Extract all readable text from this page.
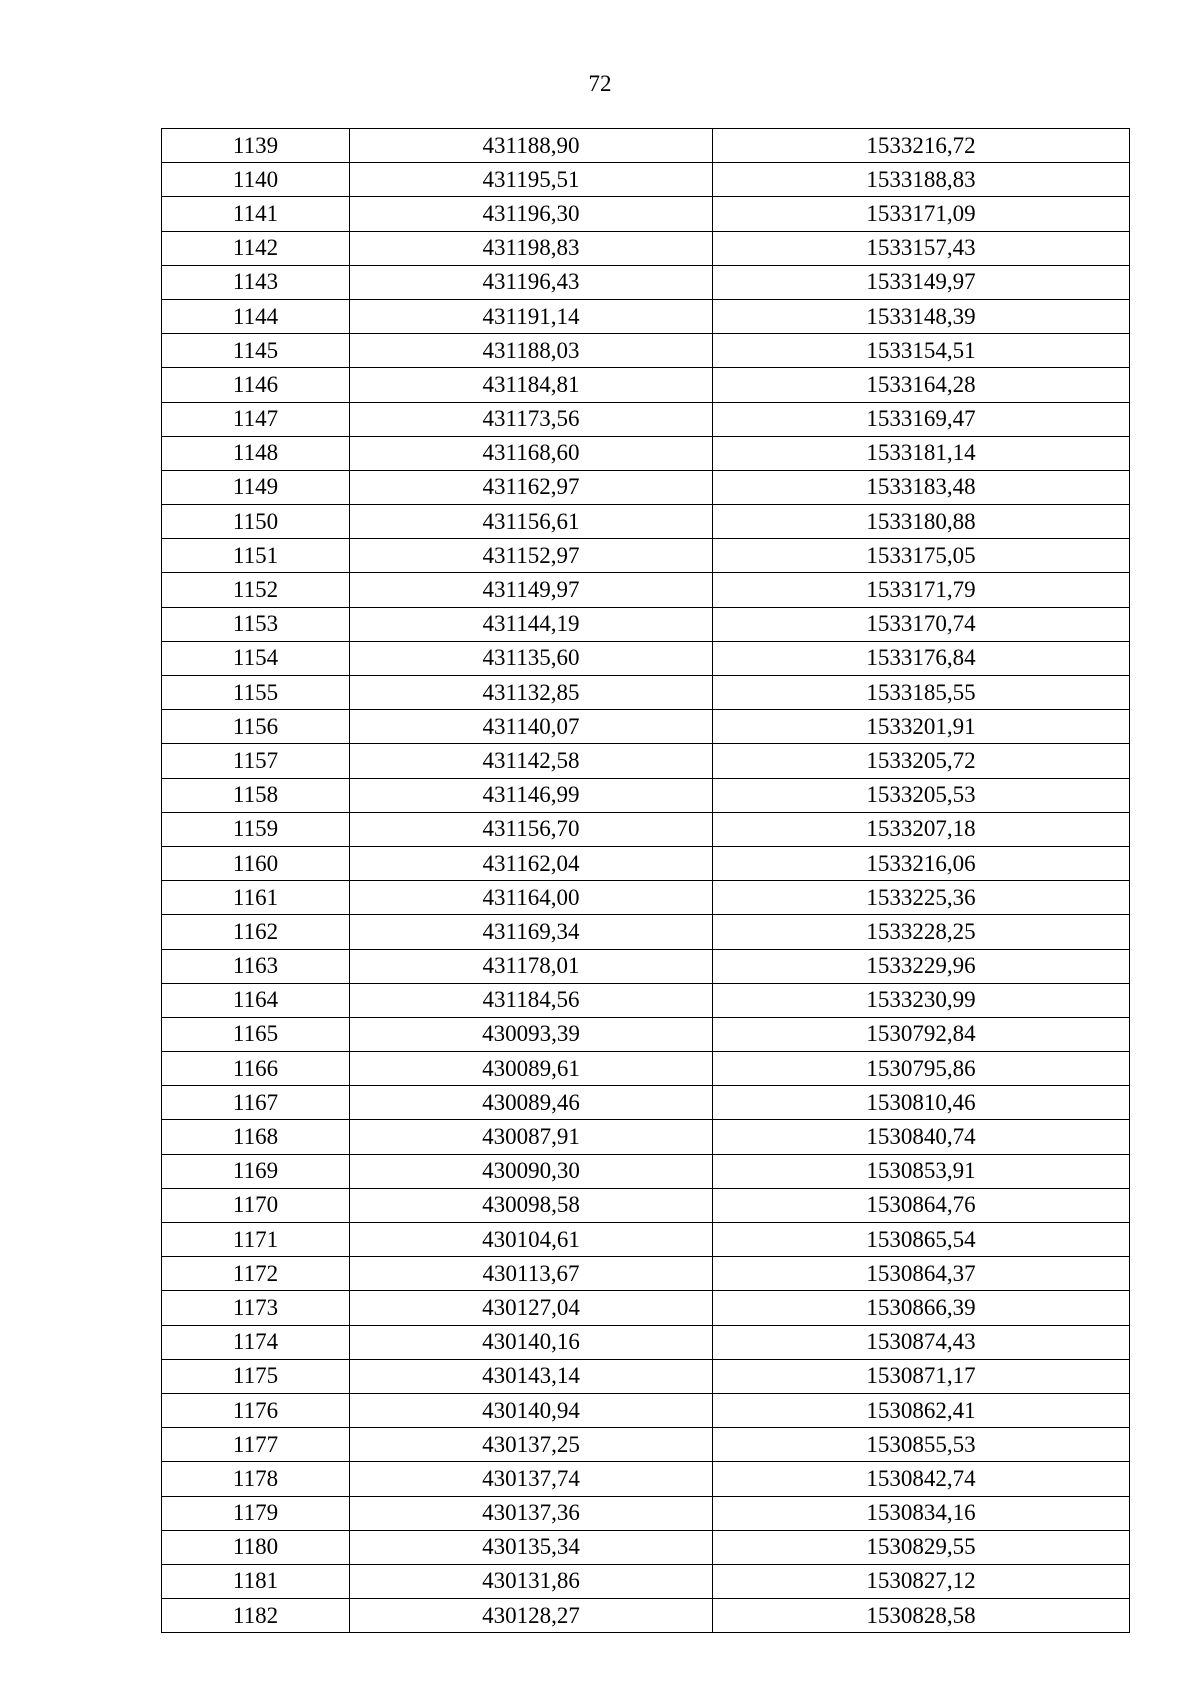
72
1139	431188,90	1533216,72
1140	431195,51	1533188,83
1141	431196,30	1533171,09
1142	431198,83	1533157,43
1143	431196,43	1533149,97
1144	431191,14	1533148,39
1145	431188,03	1533154,51
1146	431184,81	1533164,28
1147	431173,56	1533169,47
1148	431168,60	1533181,14
1149	431162,97	1533183,48
1150	431156,61	1533180,88
1151	431152,97	1533175,05
1152	431149,97	1533171,79
1153	431144,19	1533170,74
1154	431135,60	1533176,84
1155	431132,85	1533185,55
1156	431140,07	1533201,91
1157	431142,58	1533205,72
1158	431146,99	1533205,53
1159	431156,70	1533207,18
1160	431162,04	1533216,06
1161	431164,00	1533225,36
1162	431169,34	1533228,25
1163	431178,01	1533229,96
1164	431184,56	1533230,99
1165	430093,39	1530792,84
1166	430089,61	1530795,86
1167	430089,46	1530810,46
1168	430087,91	1530840,74
1169	430090,30	1530853,91
1170	430098,58	1530864,76
1171	430104,61	1530865,54
1172	430113,67	1530864,37
1173	430127,04	1530866,39
1174	430140,16	1530874,43
1175	430143,14	1530871,17
1176	430140,94	1530862,41
1177	430137,25	1530855,53
1178	430137,74	1530842,74
1179	430137,36	1530834,16
1180	430135,34	1530829,55
1181	430131,86	1530827,12
1182	430128,27	1530828,58
